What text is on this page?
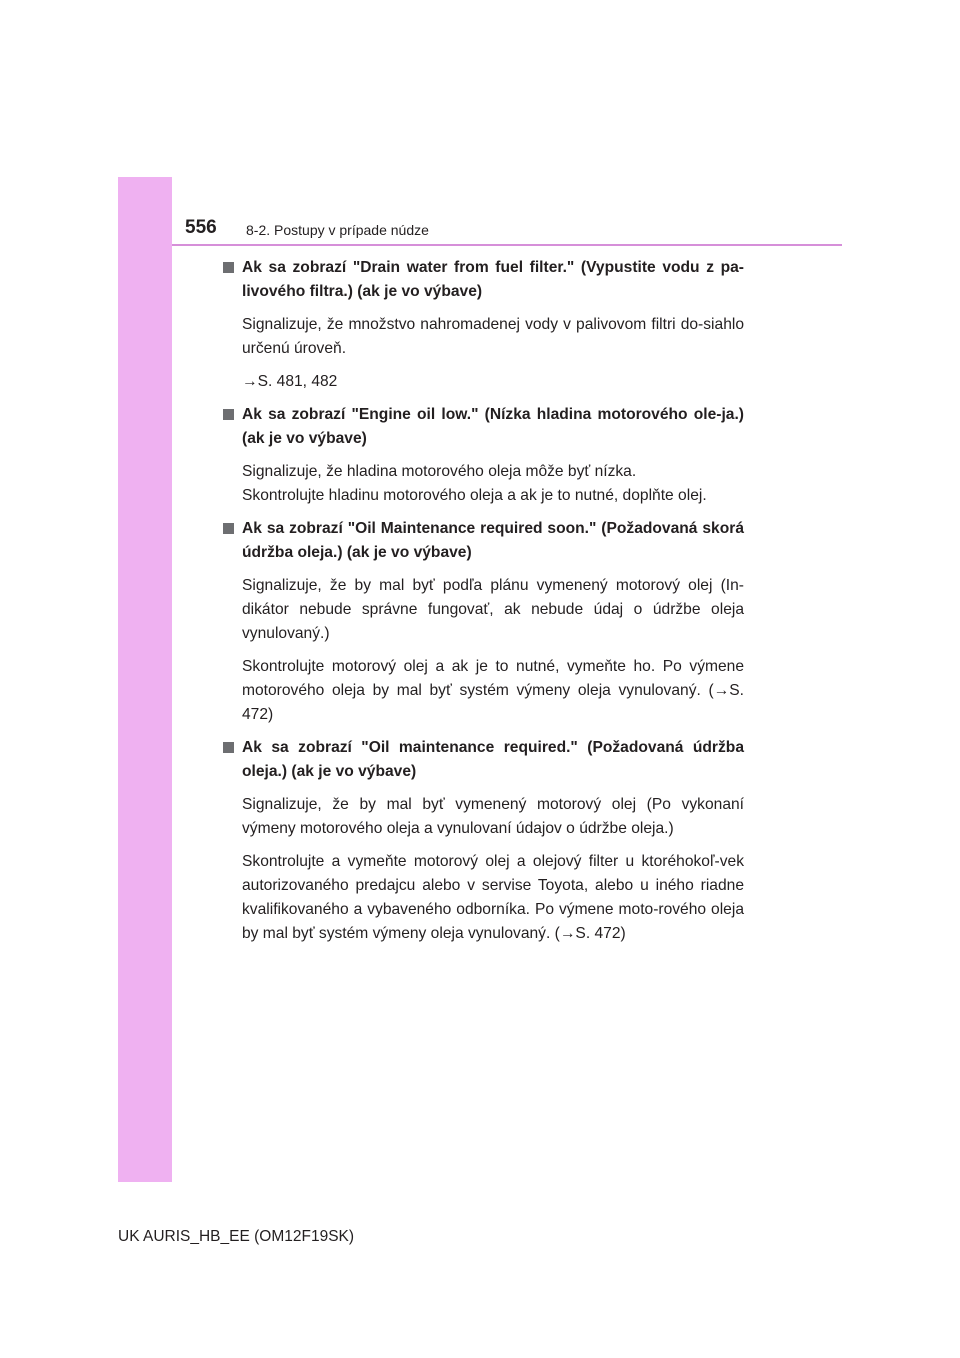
556 8-2. Postupy v prípade núdze
Ak sa zobrazí "Drain water from fuel filter." (Vypustite vodu z pa-livového filtra.) (ak je vo výbave)
Signalizuje, že množstvo nahromadenej vody v palivovom filtri do-siahlo určenú úroveň.
→S. 481, 482
Ak sa zobrazí "Engine oil low." (Nízka hladina motorového ole-ja.) (ak je vo výbave)
Signalizuje, že hladina motorového oleja môže byť nízka.
Skontrolujte hladinu motorového oleja a ak je to nutné, doplňte olej.
Ak sa zobrazí "Oil Maintenance required soon." (Požadovaná skorá údržba oleja.) (ak je vo výbave)
Signalizuje, že by mal byť podľa plánu vymenený motorový olej (In-dikátor nebude správne fungovať, ak nebude údaj o údržbe oleja vynulovaný.)
Skontrolujte motorový olej a ak je to nutné, vymeňte ho. Po výmene motorového oleja by mal byť systém výmeny oleja vynulovaný. (→S. 472)
Ak sa zobrazí "Oil maintenance required." (Požadovaná údržba oleja.) (ak je vo výbave)
Signalizuje, že by mal byť vymenený motorový olej (Po vykonaní výmeny motorového oleja a vynulovaní údajov o údržbe oleja.)
Skontrolujte a vymeňte motorový olej a olejový filter u ktoréhokoľ-vek autorizovaného predajcu alebo v servise Toyota, alebo u iného riadne kvalifikovaného a vybaveného odborníka. Po výmene moto-rového oleja by mal byť systém výmeny oleja vynulovaný. (→S. 472)
UK AURIS_HB_EE (OM12F19SK)
